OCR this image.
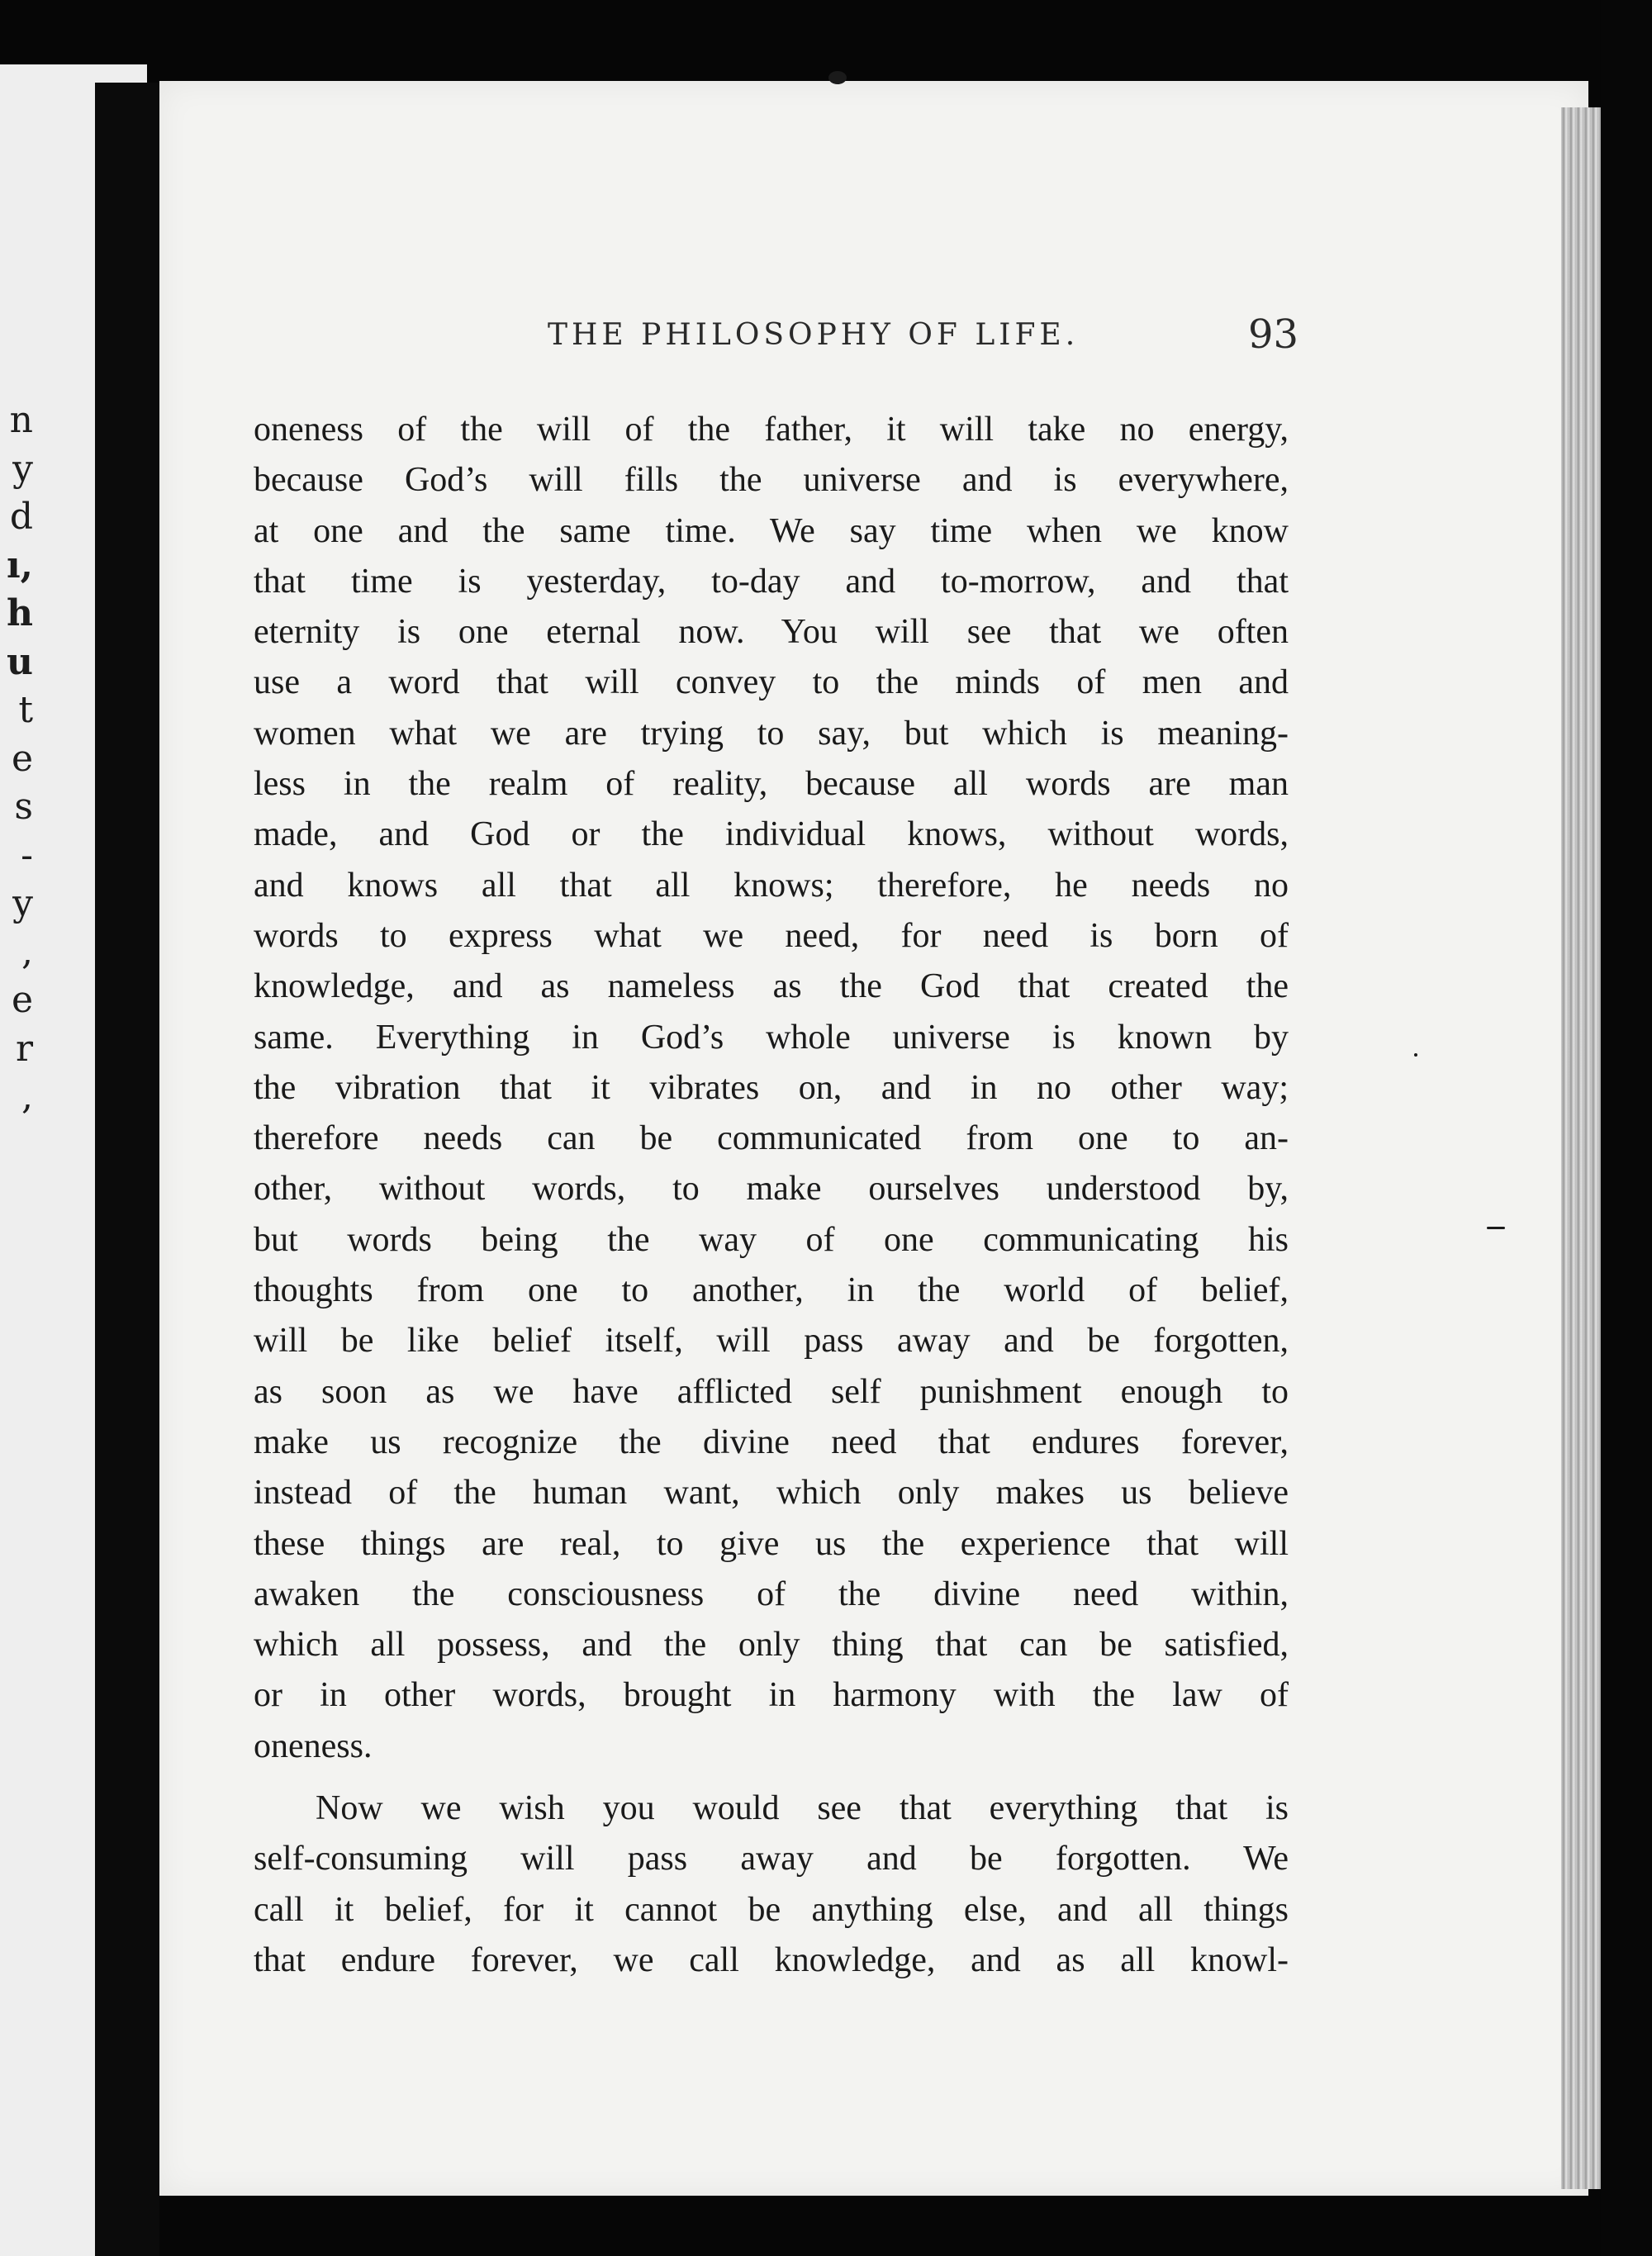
n
y
d
ı,
h
u
t
e
s
-
y
,
e
r
,
THE PHILOSOPHY OF LIFE.	93
oneness of the will of the father, it will take no energy,
because God’s will fills the universe and is everywhere,
at one and the same time. We say time when we know
that time is yesterday, to-day and to-morrow, and that
eternity is one eternal now. You will see that we often
use a word that will convey to the minds of men and
women what we are trying to say, but which is meaning-
less in the realm of reality, because all words are man
made, and God or the individual knows, without words,
and knows all that all knows; therefore, he needs no
words to express what we need, for need is born of
knowledge, and as nameless as the God that created the
same. Everything in God’s whole universe is known by
the vibration that it vibrates on, and in no other way;
therefore needs can be communicated from one to an-
other, without words, to make ourselves understood by,
but words being the way of one communicating his
thoughts from one to another, in the world of belief,
will be like belief itself, will pass away and be forgotten,
as soon as we have afflicted self punishment enough to
make us recognize the divine need that endures forever,
instead of the human want, which only makes us believe
these things are real, to give us the experience that will
awaken the consciousness of the divine need within,
which all possess, and the only thing that can be satisfied,
or in other words, brought in harmony with the law of
oneness.
Now we wish you would see that everything that is
self-consuming will pass away and be forgotten. We
call it belief, for it cannot be anything else, and all things
that endure forever, we call knowledge, and as all knowl-
